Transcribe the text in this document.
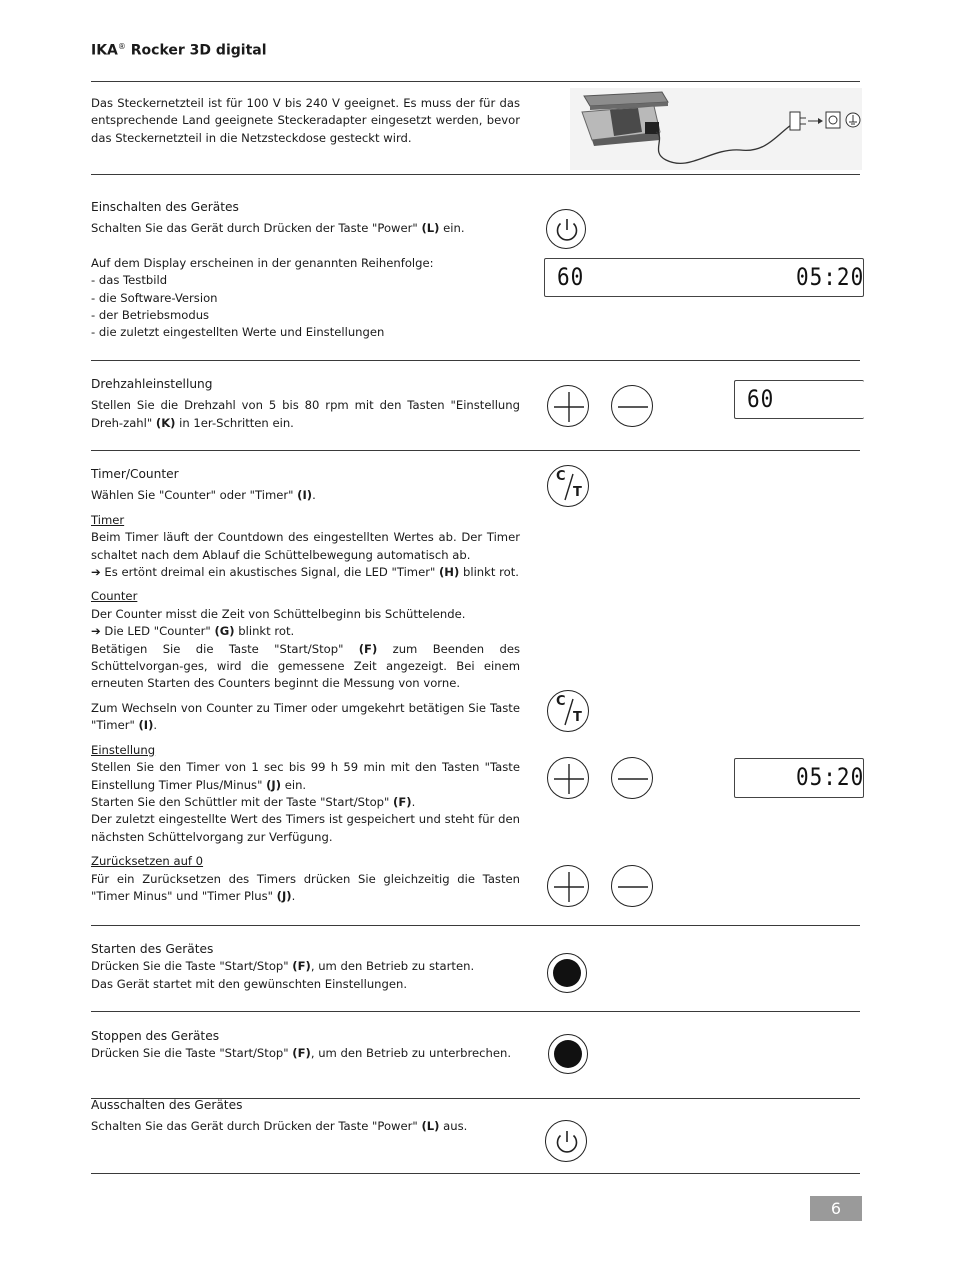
IKA® Rocker 3D digital

Das Steckernetzteil ist für 100 V bis 240 V geeignet. Es muss der für das entsprechende Land geeignete Steckeradapter eingesetzt werden, bevor das Steckernetzteil in die Netzsteckdose gesteckt wird.

Einschalten des Gerätes

Schalten Sie das Gerät durch Drücken der Taste "Power" (L) ein.

Auf dem Display erscheinen in der genannten Reihenfolge:

- das Testbild

- die Software-Version

- der Betriebsmodus

- die zuletzt eingestellten Werte und Einstellungen

60	05:20

Drehzahleinstellung

Stellen Sie die Drehzahl von 5 bis 80 rpm mit den Tasten "Einstellung Dreh-zahl" (K) in 1er-Schritten ein.

60

Timer/Counter

Wählen Sie "Counter" oder "Timer" (I).

Timer

Beim Timer läuft der Countdown des eingestellten Wertes ab. Der Timer schaltet nach dem Ablauf die Schüttelbewegung automatisch ab.

➔ Es ertönt dreimal ein akustisches Signal, die LED "Timer" (H) blinkt rot.

Counter

Der Counter misst die Zeit von Schüttelbeginn bis Schüttelende.

➔ Die LED "Counter" (G) blinkt rot.

Betätigen Sie die Taste "Start/Stop" (F) zum Beenden des Schüttelvorgan-ges, wird die gemessene Zeit angezeigt. Bei einem erneuten Starten des Counters beginnt die Messung von vorne.

Zum Wechseln von Counter zu Timer oder umgekehrt betätigen Sie Taste "Timer" (I).

Einstellung

Stellen Sie den Timer von 1 sec bis 99 h 59 min mit den Tasten "Taste Einstellung Timer Plus/Minus" (J) ein.

Starten Sie den Schüttler mit der Taste "Start/Stop" (F).

Der zuletzt eingestellte Wert des Timers ist gespeichert und steht für den nächsten Schüttelvorgang zur Verfügung.

Zurücksetzen auf 0

Für ein Zurücksetzen des Timers drücken Sie gleichzeitig die Tasten "Timer Minus" und "Timer Plus" (J).

C
T
C
T
05:20

Starten des Gerätes

Drücken Sie die Taste "Start/Stop" (F), um den Betrieb zu starten.

Das Gerät startet mit den gewünschten Einstellungen.

Stoppen des Gerätes

Drücken Sie die Taste "Start/Stop" (F), um den Betrieb zu unterbrechen.

Ausschalten des Gerätes

Schalten Sie das Gerät durch Drücken der Taste "Power" (L) aus.

6
